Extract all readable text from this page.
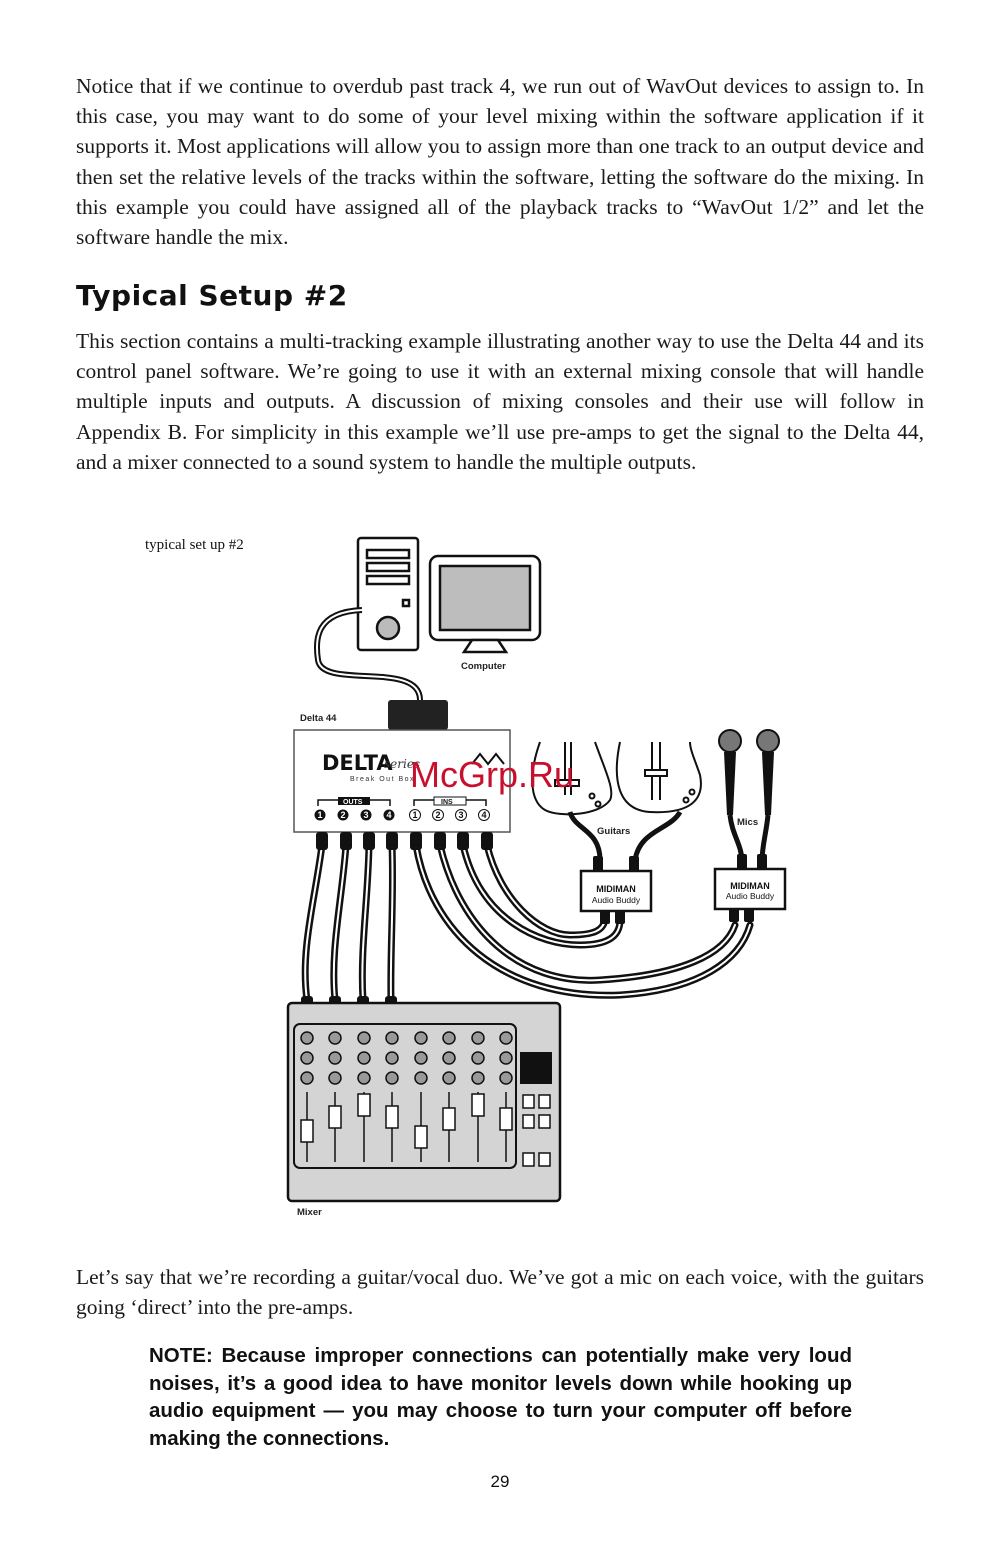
Notice that if we continue to overdub past track 4, we run out of WavOut devices to assign to. In this case, you may want to do some of your level mixing within the software application if it supports it. Most applications will allow you to assign more than one track to an output device and then set the relative levels of the tracks within the software, letting the software do the mixing. In this example you could have assigned all of the playback tracks to “WavOut 1/2” and let the software handle the mix.

Typical Setup #2

This section contains a multi-tracking example illustrating another way to use the Delta 44 and its control panel software. We’re going to use it with an external mixing console that will handle multiple inputs and outputs. A discussion of mixing consoles and their use will follow in Appendix B. For simplicity in this example we’ll use pre-amps to get the signal to the Delta 44, and a mixer connected to a sound system to handle the multiple outputs.

typical set up #2
Computer
Delta 44
DELTA
series
Break Out Box
OUTS
1 2 3 4
INS
1 2 3 4
Guitars
Mics
MIDIMAN
Audio Buddy
MIDIMAN
Audio Buddy
Mixer
McGrp.Ru

Let’s say that we’re recording a guitar/vocal duo. We’ve got a mic on each voice, with the guitars going ‘direct’ into the pre-amps.

NOTE: Because improper connections can potentially make very loud noises, it’s a good idea to have monitor levels down while hooking up audio equipment — you may choose to turn your computer off before making the connections.

29
